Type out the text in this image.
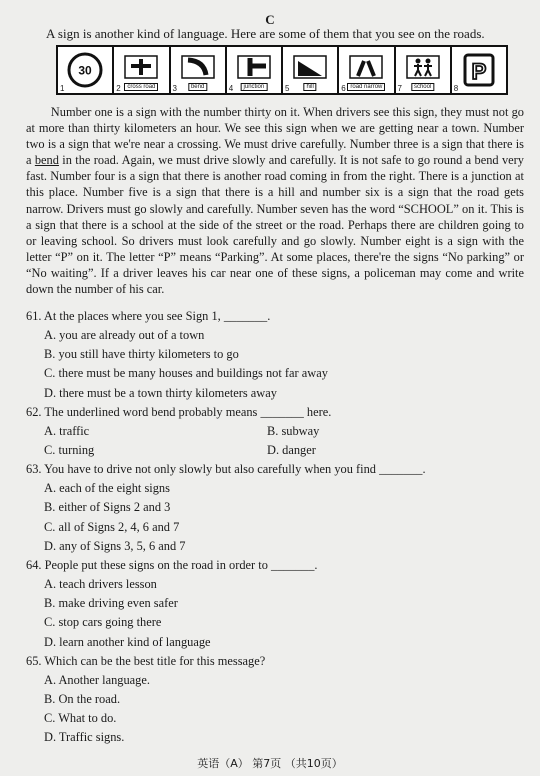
C
A sign is another kind of language. Here are some of them that you see on the roads.
30
1	2	cross road	3	bend	4	junction	5	hill	6 road narrow	7	school
P
8

Number one is a sign with the number thirty on it. When drivers see this sign, they must not go at more than thirty kilometers an hour. We see this sign when we are getting near a town. Number two is a sign that we're near a crossing. We must drive carefully. Number three is a sign that there is a bend in the road. Again, we must drive slowly and carefully. It is not safe to go round a bend very fast. Number four is a sign that there is another road coming in from the right. There is a junction at this place. Number five is a sign that there is a hill and number six is a sign that the road gets narrow. Drivers must go slowly and carefully. Number seven has the word “SCHOOL” on it. This is a sign that there is a school at the side of the street or the road. Perhaps there are children going to or leaving school. So drivers must look carefully and go slowly. Number eight is a sign with the letter “P” on it. The letter “P” means “Parking”. At some places, there're the signs “No parking” or “No waiting”. If a driver leaves his car near one of these signs, a policeman may come and write down the number of his car.

61. At the places where you see Sign 1, _______.
A. you are already out of a town
B. you still have thirty kilometers to go
C. there must be many houses and buildings not far away
D. there must be a town thirty kilometers away
62. The underlined word bend probably means _______ here.
A. traffic	B. subway
C. turning	D. danger
63. You have to drive not only slowly but also carefully when you find _______.
A. each of the eight signs
B. either of Signs 2 and 3
C. all of Signs 2, 4, 6 and 7
D. any of Signs 3, 5, 6 and 7
64. People put these signs on the road in order to _______.
A. teach drivers lesson
B. make driving even safer
C. stop cars going there
D. learn another kind of language
65. Which can be the best title for this message?
A. Another language.
B. On the road.
C. What to do.
D. Traffic signs.
英语（A） 第7页 （共10页）
